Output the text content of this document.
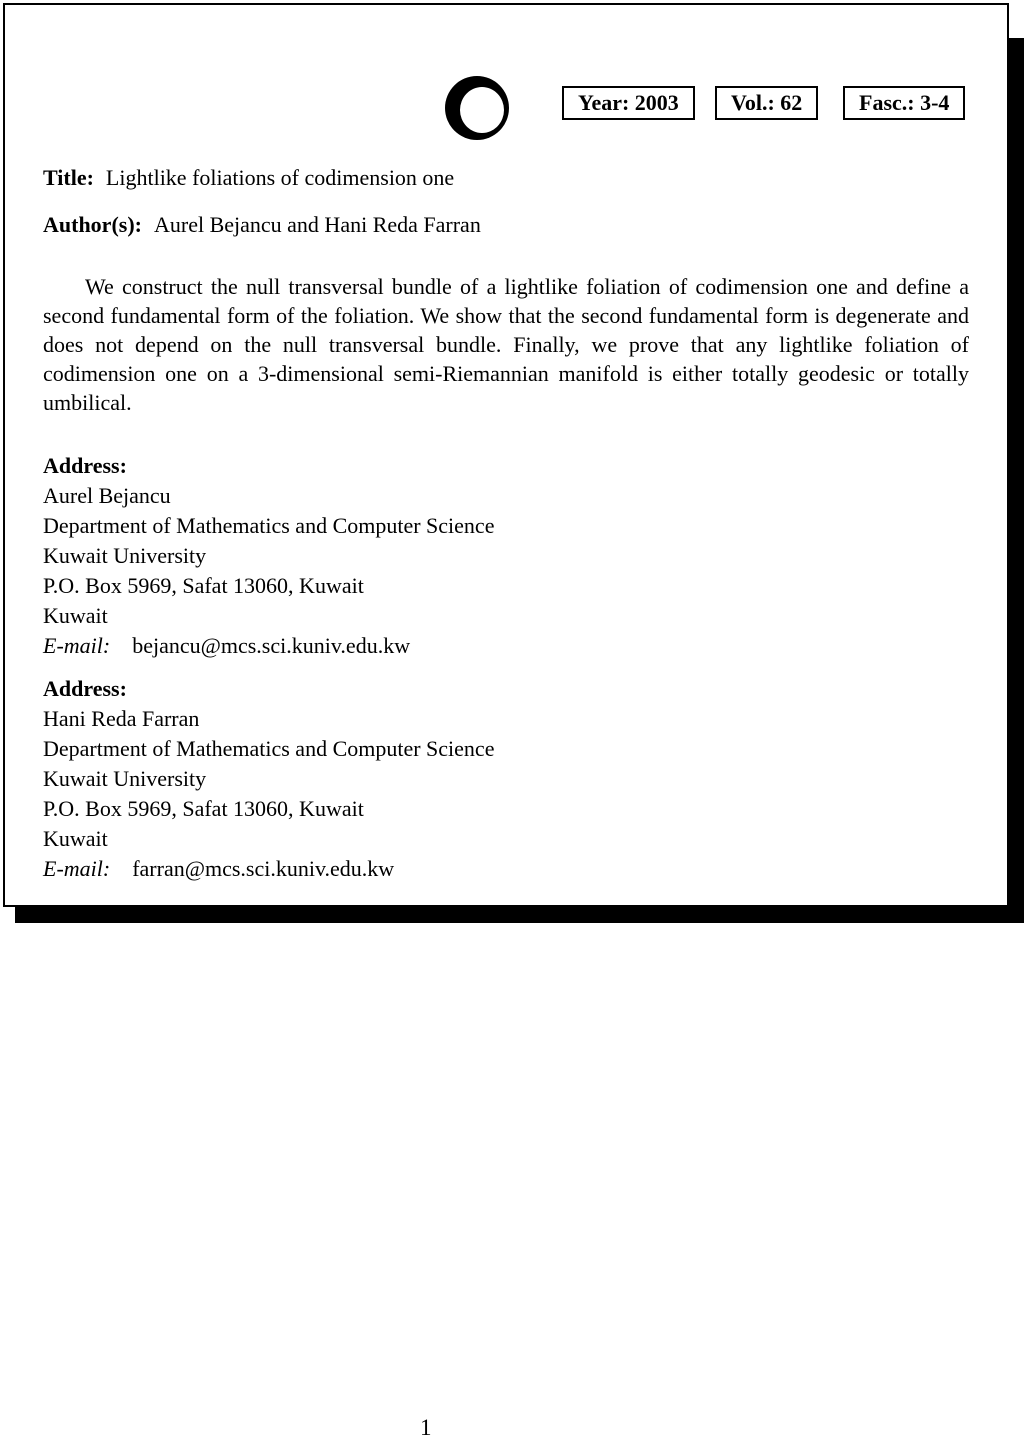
Year: 2003	Vol.: 62	Fasc.: 3-4
Title: Lightlike foliations of codimension one
Author(s): Aurel Bejancu and Hani Reda Farran
We construct the null transversal bundle of a lightlike foliation of codimension one and define a second fundamental form of the foliation. We show that the second fundamental form is degenerate and does not depend on the null transversal bundle. Finally, we prove that any lightlike foliation of codimension one on a 3-dimensional semi-Riemannian manifold is either totally geodesic or totally umbilical.
Address:
Aurel Bejancu
Department of Mathematics and Computer Science
Kuwait University
P.O. Box 5969, Safat 13060, Kuwait
Kuwait
E-mail: bejancu@mcs.sci.kuniv.edu.kw
Address:
Hani Reda Farran
Department of Mathematics and Computer Science
Kuwait University
P.O. Box 5969, Safat 13060, Kuwait
Kuwait
E-mail: farran@mcs.sci.kuniv.edu.kw
1
